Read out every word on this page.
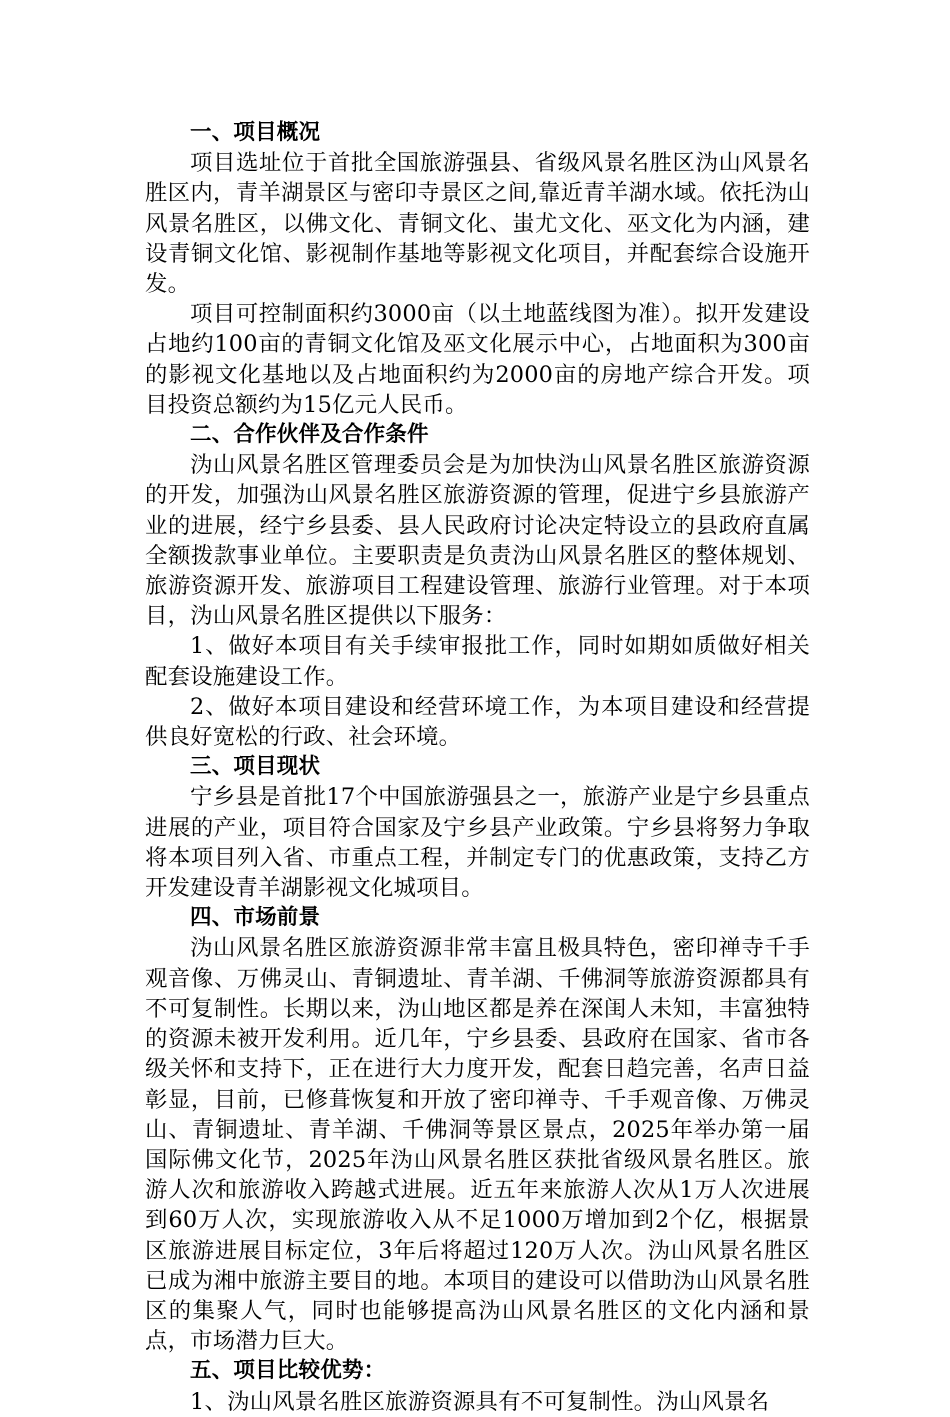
一、项目概况

项目选址位于首批全国旅游强县、省级风景名胜区沩山风景名胜区内，青羊湖景区与密印寺景区之间,靠近青羊湖水域。依托沩山风景名胜区，以佛文化、青铜文化、蚩尤文化、巫文化为内涵，建设青铜文化馆、影视制作基地等影视文化项目，并配套综合设施开发。

项目可控制面积约3000亩（以土地蓝线图为准）。拟开发建设占地约100亩的青铜文化馆及巫文化展示中心，占地面积为300亩的影视文化基地以及占地面积约为2000亩的房地产综合开发。项目投资总额约为15亿元人民币。

二、合作伙伴及合作条件

沩山风景名胜区管理委员会是为加快沩山风景名胜区旅游资源的开发，加强沩山风景名胜区旅游资源的管理，促进宁乡县旅游产业的进展，经宁乡县委、县人民政府讨论决定特设立的县政府直属全额拨款事业单位。主要职责是负责沩山风景名胜区的整体规划、旅游资源开发、旅游项目工程建设管理、旅游行业管理。对于本项目，沩山风景名胜区提供以下服务：

1、做好本项目有关手续审报批工作，同时如期如质做好相关配套设施建设工作。

2、做好本项目建设和经营环境工作，为本项目建设和经营提供良好宽松的行政、社会环境。

三、项目现状

宁乡县是首批17个中国旅游强县之一，旅游产业是宁乡县重点进展的产业，项目符合国家及宁乡县产业政策。宁乡县将努力争取将本项目列入省、市重点工程，并制定专门的优惠政策，支持乙方开发建设青羊湖影视文化城项目。

四、市场前景

沩山风景名胜区旅游资源非常丰富且极具特色，密印禅寺千手观音像、万佛灵山、青铜遗址、青羊湖、千佛洞等旅游资源都具有不可复制性。长期以来，沩山地区都是养在深闺人未知，丰富独特的资源未被开发利用。近几年，宁乡县委、县政府在国家、省市各级关怀和支持下，正在进行大力度开发，配套日趋完善，名声日益彰显，目前，已修葺恢复和开放了密印禅寺、千手观音像、万佛灵山、青铜遗址、青羊湖、千佛洞等景区景点，2025年举办第一届国际佛文化节，2025年沩山风景名胜区获批省级风景名胜区。旅游人次和旅游收入跨越式进展。近五年来旅游人次从1万人次进展到60万人次，实现旅游收入从不足1000万增加到2个亿，根据景区旅游进展目标定位，3年后将超过120万人次。沩山风景名胜区已成为湘中旅游主要目的地。本项目的建设可以借助沩山风景名胜区的集聚人气，同时也能够提高沩山风景名胜区的文化内涵和景点，市场潜力巨大。

五、项目比较优势：

1、沩山风景名胜区旅游资源具有不可复制性。沩山风景名
